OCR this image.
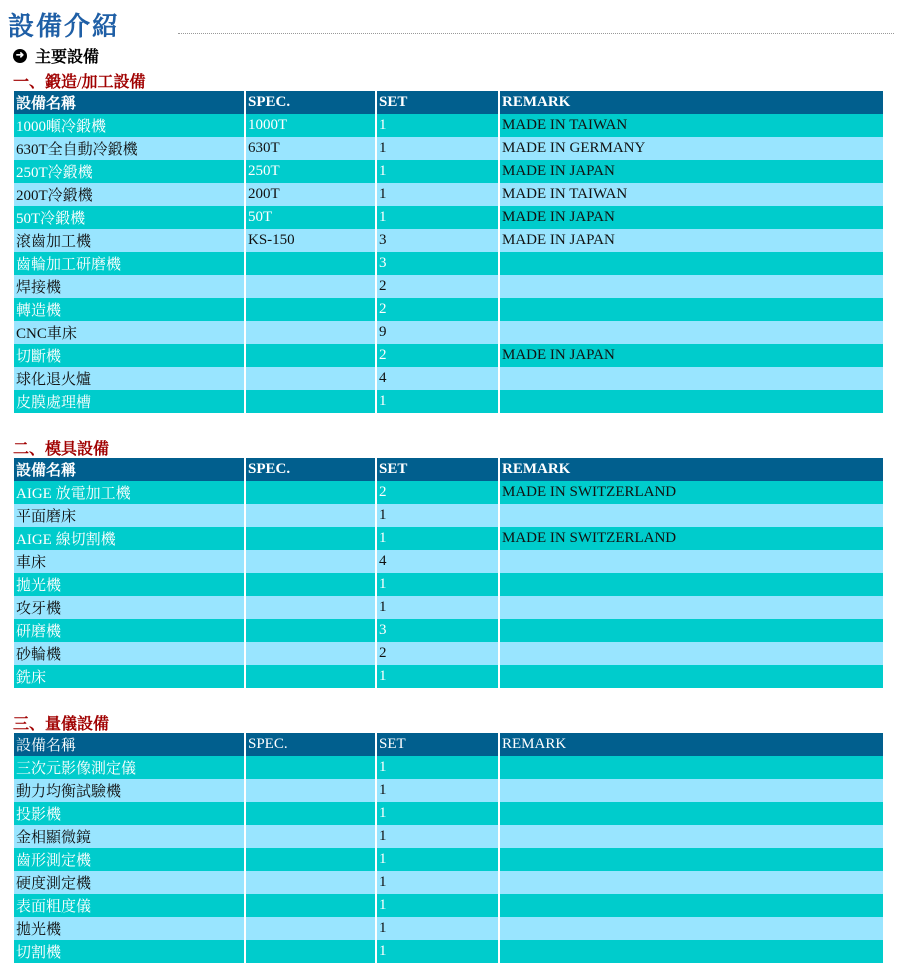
設備介紹
➜ 主要設備
一、鍛造/加工設備
設備名稱	SPEC.	SET	REMARK
1000噸冷鍛機	1000T	1	MADE IN TAIWAN
630T全自動冷鍛機	630T	1	MADE IN GERMANY
250T冷鍛機	250T	1	MADE IN JAPAN
200T冷鍛機	200T	1	MADE IN TAIWAN
50T冷鍛機	50T	1	MADE IN JAPAN
滾齒加工機	KS-150	3	MADE IN JAPAN
齒輪加工研磨機		3	
焊接機		2	
轉造機		2	
CNC車床		9	
切斷機		2	MADE IN JAPAN
球化退火爐		4	
皮膜處理槽		1	
二、模具設備
設備名稱	SPEC.	SET	REMARK
AIGE 放電加工機		2	MADE IN SWITZERLAND
平面磨床		1	
AIGE 線切割機		1	MADE IN SWITZERLAND
車床		4	
拋光機		1	
攻牙機		1	
研磨機		3	
砂輪機		2	
銑床		1	
三、量儀設備
設備名稱	SPEC.	SET	REMARK
三次元影像測定儀		1	
動力均衡試驗機		1	
投影機		1	
金相顯微鏡		1	
齒形測定機		1	
硬度測定機		1	
表面粗度儀		1	
拋光機		1	
切割機		1	
